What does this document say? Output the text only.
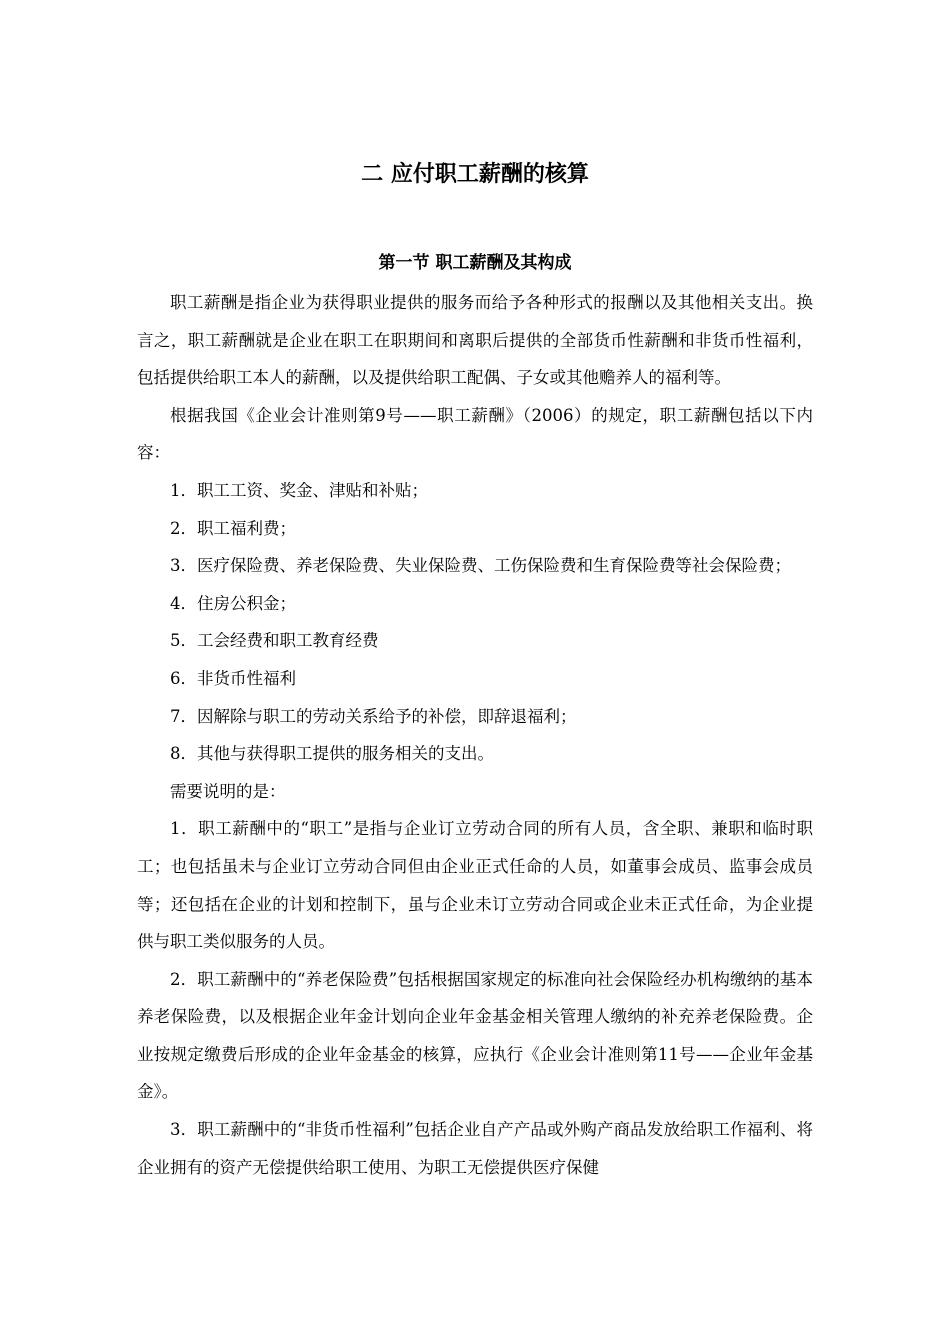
二 应付职工薪酬的核算
第一节 职工薪酬及其构成

职工薪酬是指企业为获得职业提供的服务而给予各种形式的报酬以及其他相关支出。换言之，职工薪酬就是企业在职工在职期间和离职后提供的全部货币性薪酬和非货币性福利，包括提供给职工本人的薪酬，以及提供给职工配偶、子女或其他赡养人的福利等。

根据我国《企业会计准则第9号——职工薪酬》（2006）的规定，职工薪酬包括以下内容：

1．职工工资、奖金、津贴和补贴；

2．职工福利费；

3．医疗保险费、养老保险费、失业保险费、工伤保险费和生育保险费等社会保险费；

4．住房公积金；

5．工会经费和职工教育经费

6．非货币性福利

7．因解除与职工的劳动关系给予的补偿，即辞退福利；

8．其他与获得职工提供的服务相关的支出。

需要说明的是：

1．职工薪酬中的“职工”是指与企业订立劳动合同的所有人员，含全职、兼职和临时职工；也包括虽未与企业订立劳动合同但由企业正式任命的人员，如董事会成员、监事会成员等；还包括在企业的计划和控制下，虽与企业未订立劳动合同或企业未正式任命，为企业提供与职工类似服务的人员。

2．职工薪酬中的“养老保险费”包括根据国家规定的标准向社会保险经办机构缴纳的基本养老保险费，以及根据企业年金计划向企业年金基金相关管理人缴纳的补充养老保险费。企业按规定缴费后形成的企业年金基金的核算，应执行《企业会计准则第11号——企业年金基金》。

3．职工薪酬中的“非货币性福利”包括企业自产产品或外购产商品发放给职工作福利、将企业拥有的资产无偿提供给职工使用、为职工无偿提供医疗保健
